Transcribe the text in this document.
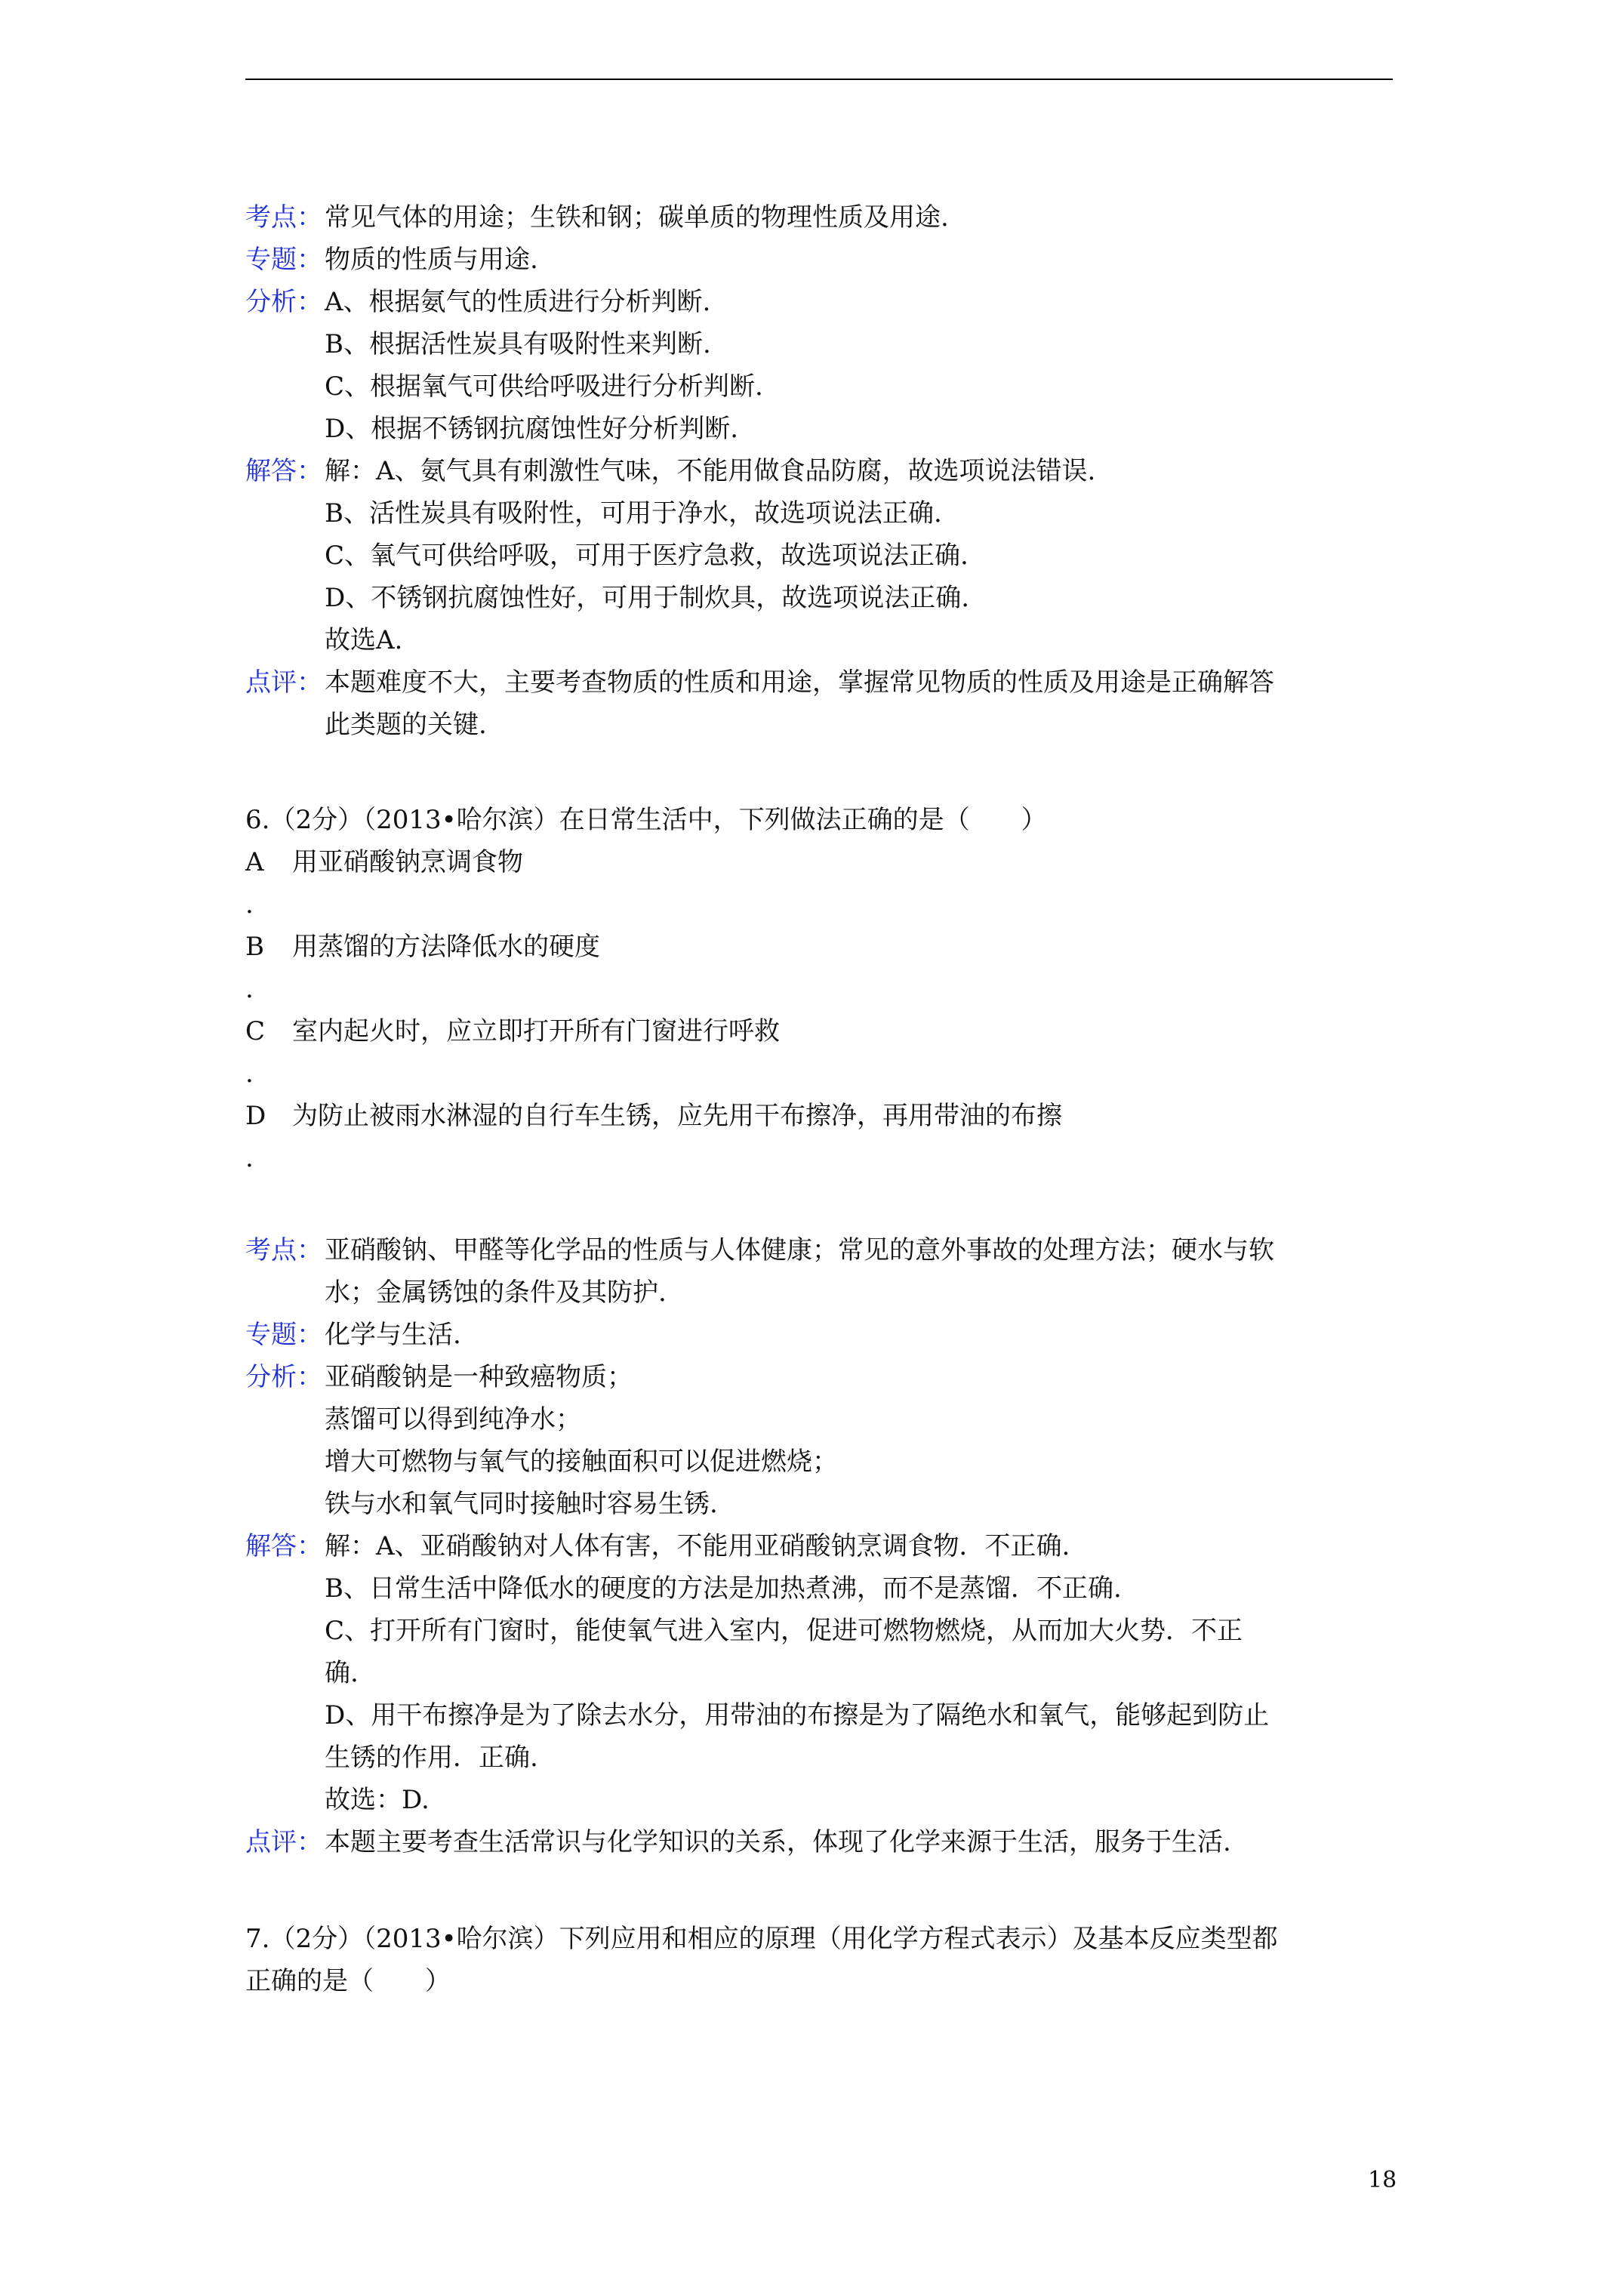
考点： 常见气体的用途；生铁和钢；碳单质的物理性质及用途.
专题： 物质的性质与用途.
分析： A、根据氨气的性质进行分析判断.
B、根据活性炭具有吸附性来判断.
C、根据氧气可供给呼吸进行分析判断.
D、根据不锈钢抗腐蚀性好分析判断.
解答： 解：A、氨气具有刺激性气味，不能用做食品防腐，故选项说法错误.
B、活性炭具有吸附性，可用于净水，故选项说法正确.
C、氧气可供给呼吸，可用于医疗急救，故选项说法正确.
D、不锈钢抗腐蚀性好，可用于制炊具，故选项说法正确.
故选A.
点评： 本题难度不大，主要考查物质的性质和用途，掌握常见物质的性质及用途是正确解答
此类题的关键.
6.（2分）（2013•哈尔滨）在日常生活中，下列做法正确的是（　　）
A	用亚硝酸钠烹调食物
.
B	用蒸馏的方法降低水的硬度
.
C	室内起火时，应立即打开所有门窗进行呼救
.
D	为防止被雨水淋湿的自行车生锈，应先用干布擦净，再用带油的布擦
.
考点： 亚硝酸钠、甲醛等化学品的性质与人体健康；常见的意外事故的处理方法；硬水与软
水；金属锈蚀的条件及其防护.
专题： 化学与生活.
分析： 亚硝酸钠是一种致癌物质；
蒸馏可以得到纯净水；
增大可燃物与氧气的接触面积可以促进燃烧；
铁与水和氧气同时接触时容易生锈.
解答： 解：A、亚硝酸钠对人体有害，不能用亚硝酸钠烹调食物．不正确.
B、日常生活中降低水的硬度的方法是加热煮沸，而不是蒸馏．不正确.
C、打开所有门窗时，能使氧气进入室内，促进可燃物燃烧，从而加大火势．不正
确.
D、用干布擦净是为了除去水分，用带油的布擦是为了隔绝水和氧气，能够起到防止
生锈的作用．正确.
故选：D.
点评： 本题主要考查生活常识与化学知识的关系，体现了化学来源于生活，服务于生活.
7.（2分）（2013•哈尔滨）下列应用和相应的原理（用化学方程式表示）及基本反应类型都
正确的是（　　）
18
